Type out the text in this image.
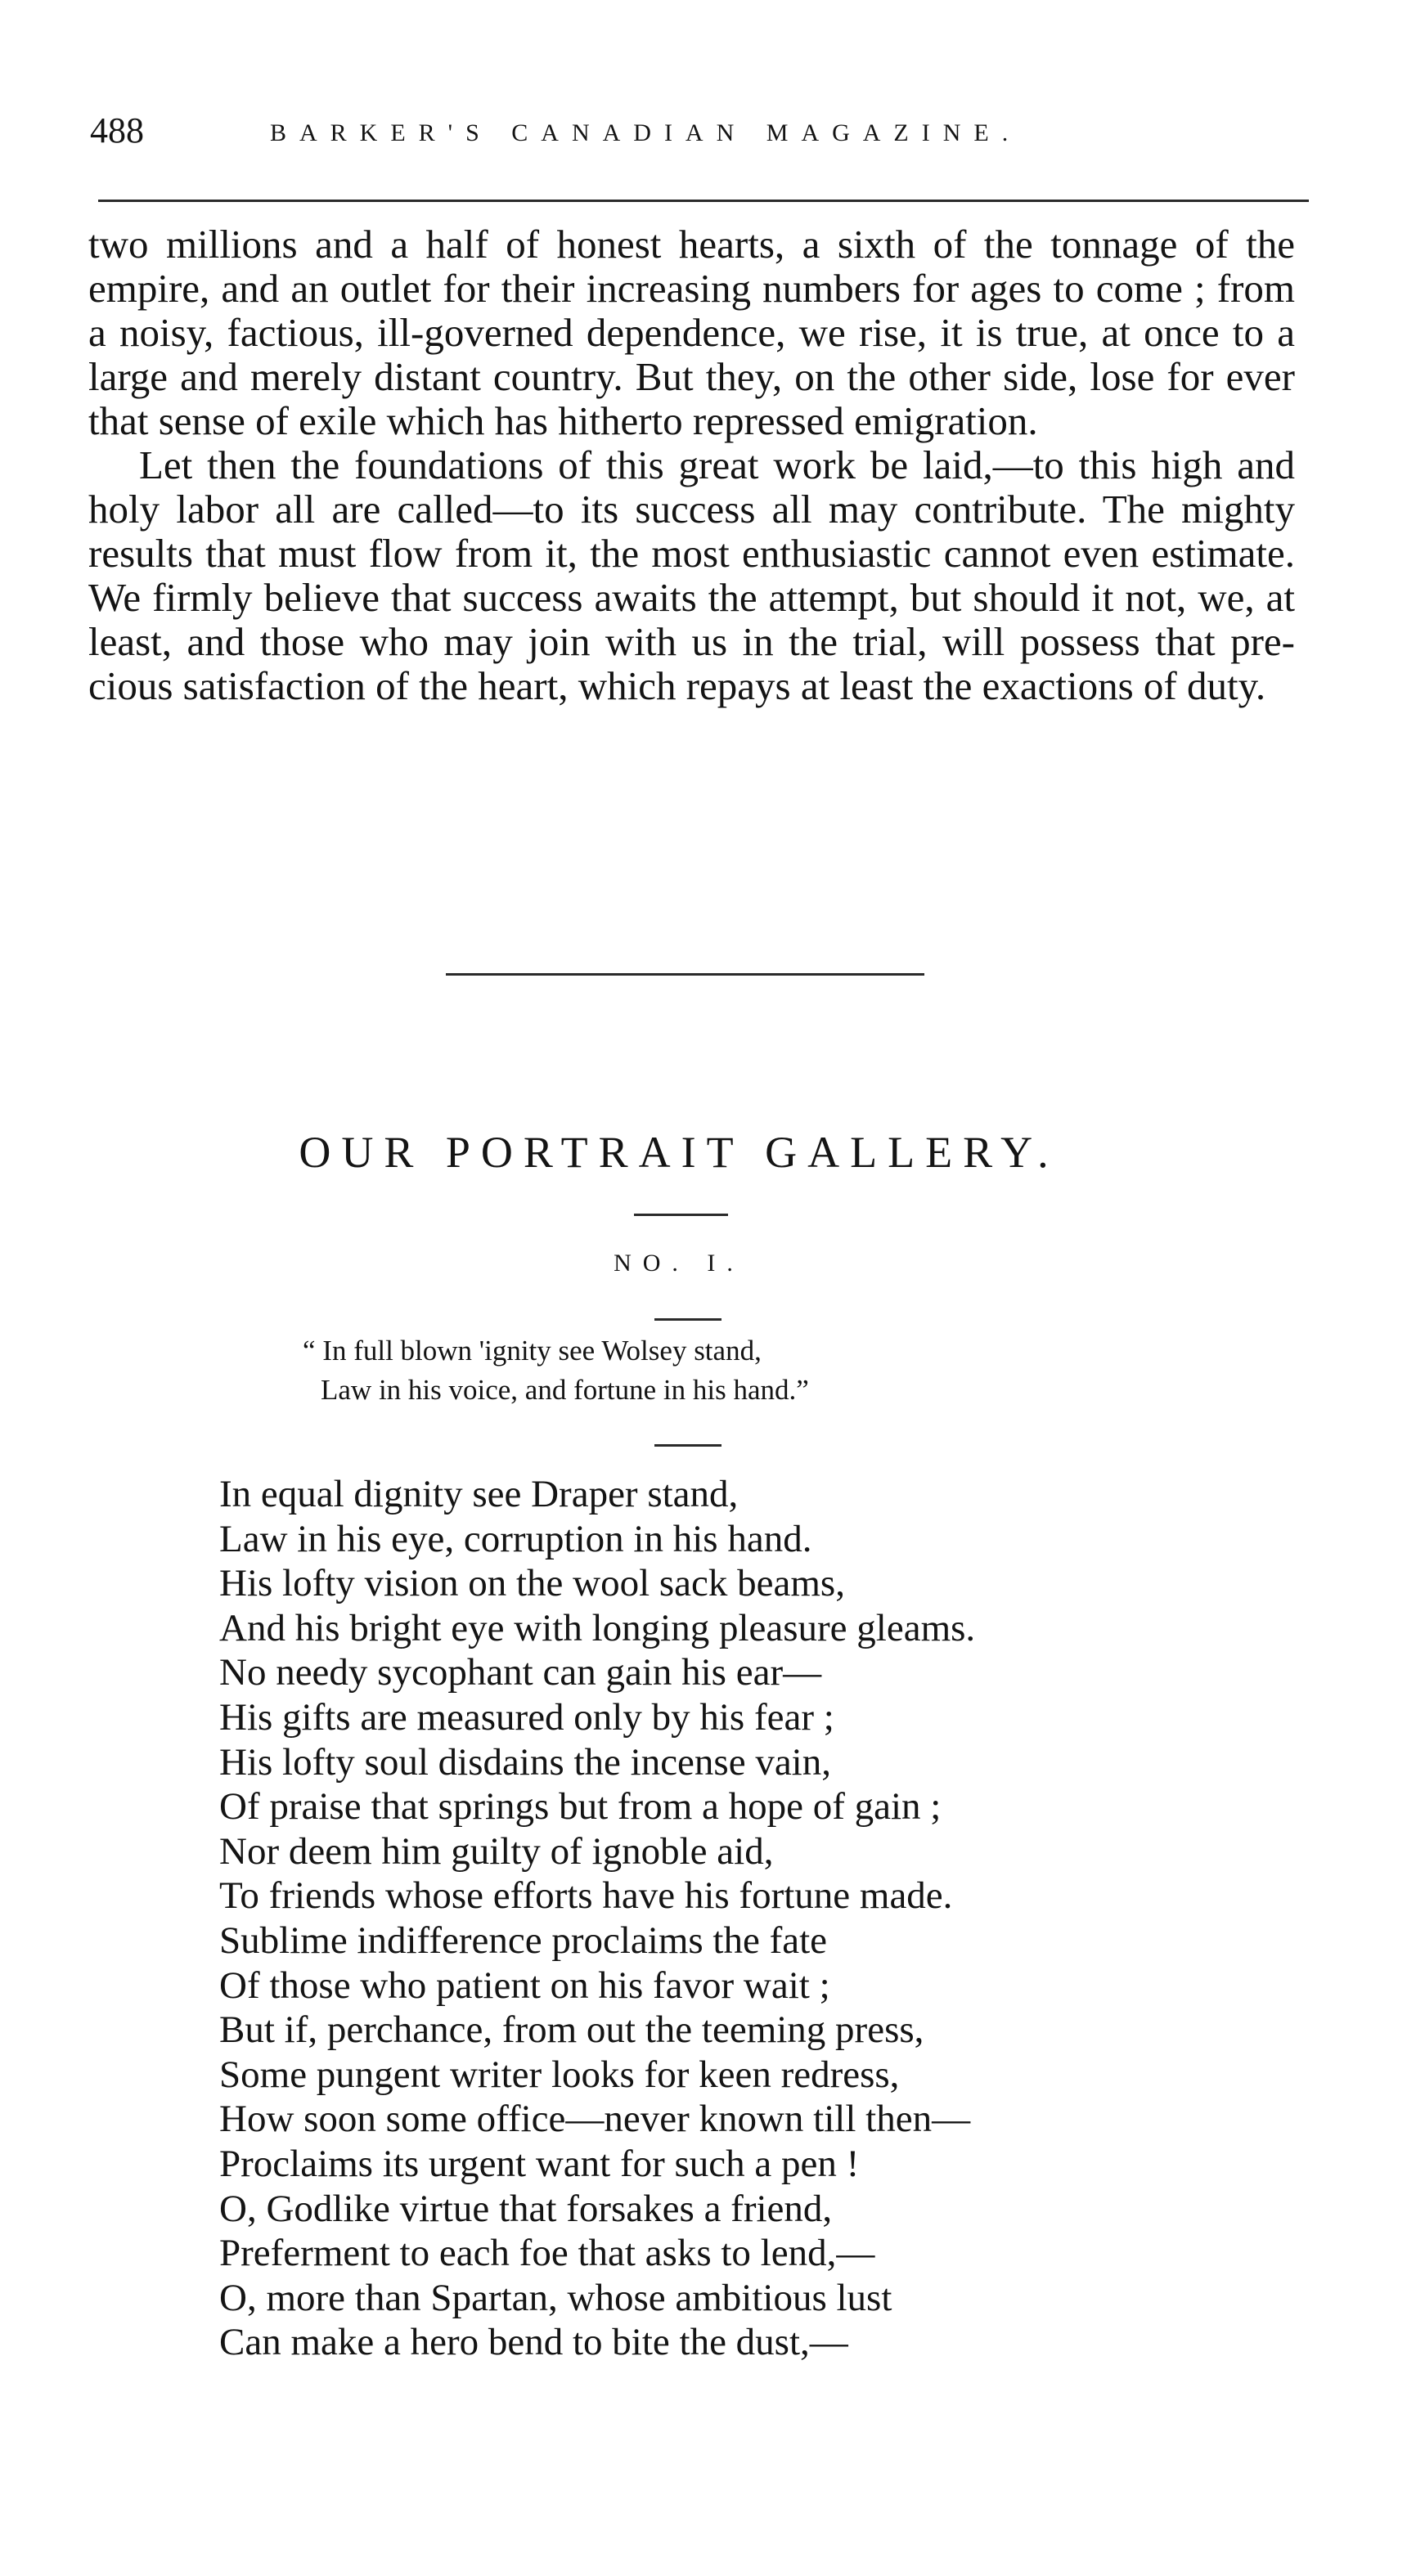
488	BARKER'S CANADIAN MAGAZINE.

two millions and a half of honest hearts, a sixth of the tonnage of the empire, and an outlet for their increasing numbers for ages to come ; from a noisy, factious, ill-governed dependence, we rise, it is true, at once to a large and merely distant country. But they, on the other side, lose for ever that sense of exile which has hitherto repressed emigration.

Let then the foundations of this great work be laid,—to this high and holy labor all are called—to its success all may contribute. The mighty results that must flow from it, the most enthusiastic cannot even estimate. We firmly believe that success awaits the attempt, but should it not, we, at least, and those who may join with us in the trial, will possess that precious satisfaction of the heart, which repays at least the exactions of duty.

OUR PORTRAIT GALLERY.
NO. I.
“ In full blown 'ignity see Wolsey stand,
Law in his voice, and fortune in his hand.”
In equal dignity see Draper stand,
Law in his eye, corruption in his hand.
His lofty vision on the wool sack beams,
And his bright eye with longing pleasure gleams.
No needy sycophant can gain his ear—
His gifts are measured only by his fear ;
His lofty soul disdains the incense vain,
Of praise that springs but from a hope of gain ;
Nor deem him guilty of ignoble aid,
To friends whose efforts have his fortune made.
Sublime indifference proclaims the fate
Of those who patient on his favor wait ;
But if, perchance, from out the teeming press,
Some pungent writer looks for keen redress,
How soon some office—never known till then—
Proclaims its urgent want for such a pen !
O, Godlike virtue that forsakes a friend,
Preferment to each foe that asks to lend,—
O, more than Spartan, whose ambitious lust
Can make a hero bend to bite the dust,—
